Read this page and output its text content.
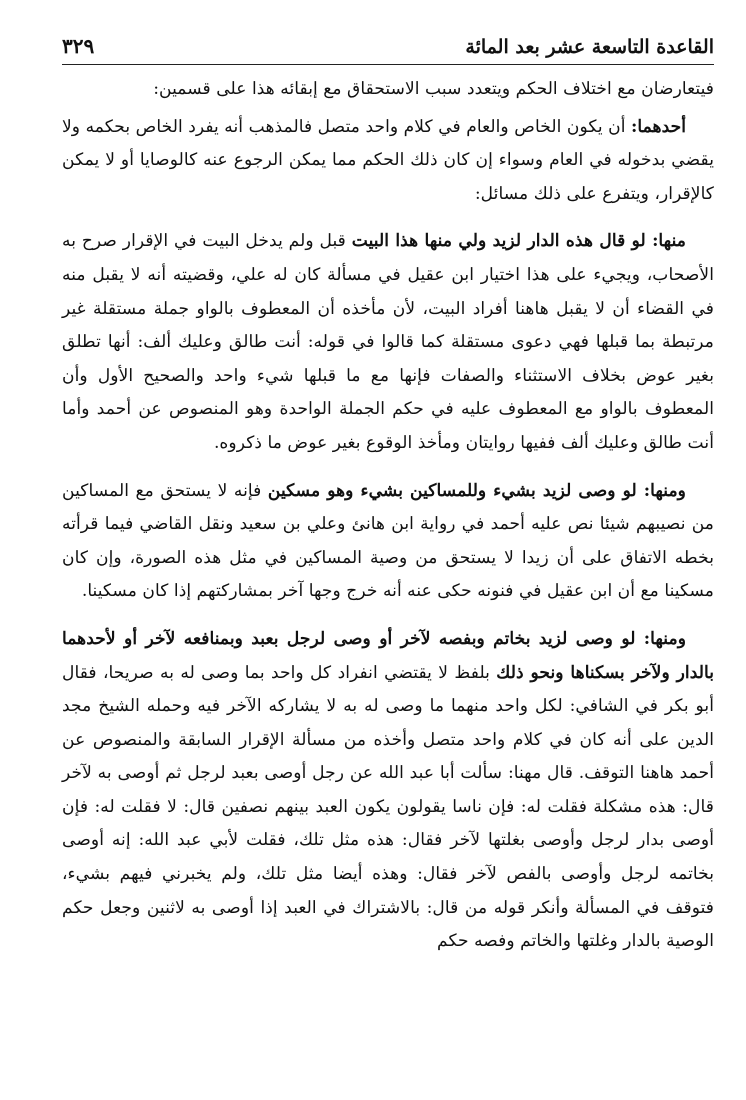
القاعدة التاسعة عشر بعد المائة
٣٢٩

فيتعارضان مع اختلاف الحكم ويتعدد سبب الاستحقاق مع إبقائه هذا على قسمين:

أحدهما: أن يكون الخاص والعام في كلام واحد متصل فالمذهب أنه يفرد الخاص بحكمه ولا يقضي بدخوله في العام وسواء إن كان ذلك الحكم مما يمكن الرجوع عنه كالوصايا أو لا يمكن كالإقرار، ويتفرع على ذلك مسائل:

منها: لو قال هذه الدار لزيد ولي منها هذا البيت قبل ولم يدخل البيت في الإقرار صرح به الأصحاب، ويجيء على هذا اختيار ابن عقيل في مسألة كان له علي، وقضيته أنه لا يقبل منه في القضاء أن لا يقبل هاهنا أفراد البيت، لأن مأخذه أن المعطوف بالواو جملة مستقلة غير مرتبطة بما قبلها فهي دعوى مستقلة كما قالوا في قوله: أنت طالق وعليك ألف: أنها تطلق بغير عوض بخلاف الاستثناء والصفات فإنها مع ما قبلها شيء واحد والصحيح الأول وأن المعطوف بالواو مع المعطوف عليه في حكم الجملة الواحدة وهو المنصوص عن أحمد وأما أنت طالق وعليك ألف ففيها روايتان ومأخذ الوقوع بغير عوض ما ذكروه.

ومنها: لو وصى لزيد بشيء وللمساكين بشيء وهو مسكين فإنه لا يستحق مع المساكين من نصيبهم شيئا نص عليه أحمد في رواية ابن هانئ وعلي بن سعيد ونقل القاضي فيما قرأته بخطه الاتفاق على أن زيدا لا يستحق من وصية المساكين في مثل هذه الصورة، وإن كان مسكينا مع أن ابن عقيل في فنونه حكى عنه أنه خرج وجها آخر بمشاركتهم إذا كان مسكينا.

ومنها: لو وصى لزيد بخاتم وبفصه لآخر أو وصى لرجل بعبد وبمنافعه لآخر أو لأحدهما بالدار ولآخر بسكناها ونحو ذلك بلفظ لا يقتضي انفراد كل واحد بما وصى له به صريحا، فقال أبو بكر في الشافي: لكل واحد منهما ما وصى له به لا يشاركه الآخر فيه وحمله الشيخ مجد الدين على أنه كان في كلام واحد متصل وأخذه من مسألة الإقرار السابقة والمنصوص عن أحمد هاهنا التوقف. قال مهنا: سألت أبا عبد الله عن رجل أوصى بعبد لرجل ثم أوصى به لآخر قال: هذه مشكلة فقلت له: فإن ناسا يقولون يكون العبد بينهم نصفين قال: لا فقلت له: فإن أوصى بدار لرجل وأوصى بغلتها لآخر فقال: هذه مثل تلك، فقلت لأبي عبد الله: إنه أوصى بخاتمه لرجل وأوصى بالفص لآخر فقال: وهذه أيضا مثل تلك، ولم يخبرني فيهم بشيء، فتوقف في المسألة وأنكر قوله من قال: بالاشتراك في العبد إذا أوصى به لاثنين وجعل حكم الوصية بالدار وغلتها والخاتم وفصه حكم
